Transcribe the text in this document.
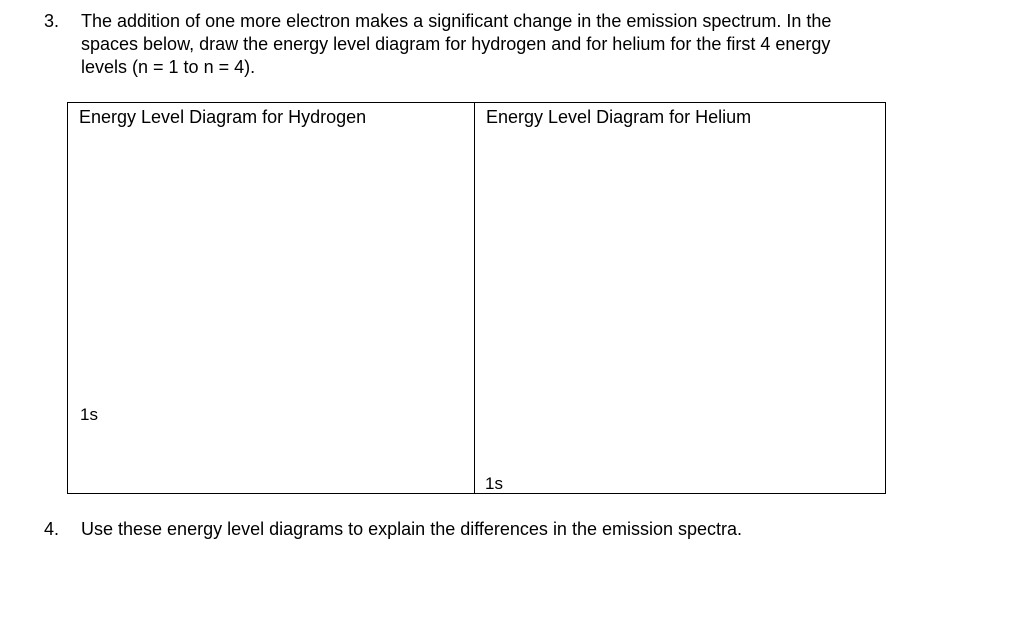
3. The addition of one more electron makes a significant change in the emission spectrum. In the
spaces below, draw the energy level diagram for hydrogen and for helium for the first 4 energy
levels (n = 1 to n = 4).
Energy Level Diagram for Hydrogen
1s
Energy Level Diagram for Helium
1s
4. Use these energy level diagrams to explain the differences in the emission spectra.
